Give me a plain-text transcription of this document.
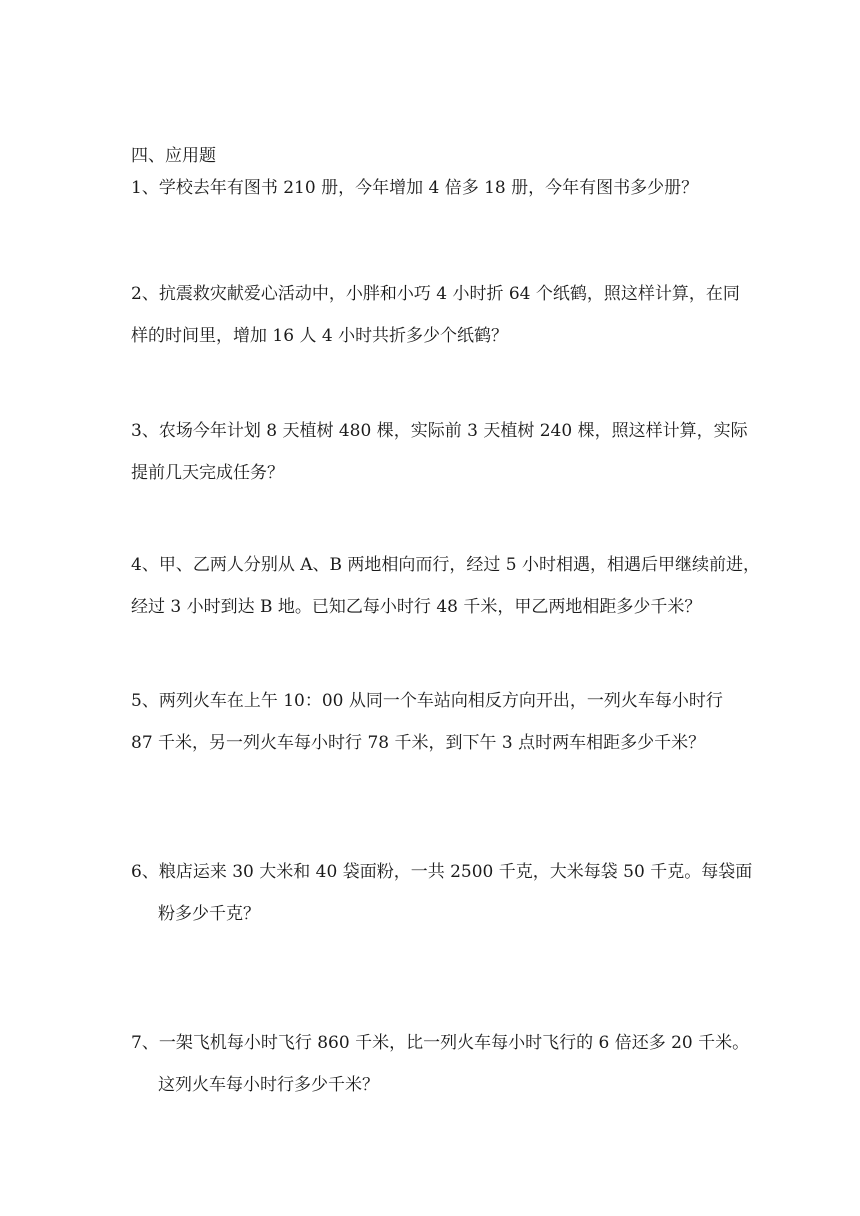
四、应用题
1、学校去年有图书 210 册，今年增加 4 倍多 18 册，今年有图书多少册？
2、抗震救灾献爱心活动中，小胖和小巧 4 小时折 64 个纸鹤，照这样计算，在同
样的时间里，增加 16 人 4 小时共折多少个纸鹤？
3、农场今年计划 8 天植树 480 棵，实际前 3 天植树 240 棵，照这样计算，实际
提前几天完成任务？
4、甲、乙两人分别从 A、B 两地相向而行，经过 5 小时相遇，相遇后甲继续前进，
经过 3 小时到达 B 地。已知乙每小时行 48 千米，甲乙两地相距多少千米？
5、两列火车在上午 10：00 从同一个车站向相反方向开出，一列火车每小时行
87 千米，另一列火车每小时行 78 千米，到下午 3 点时两车相距多少千米？
6、粮店运来 30 大米和 40 袋面粉，一共 2500 千克，大米每袋 50 千克。每袋面
粉多少千克？
7、一架飞机每小时飞行 860 千米，比一列火车每小时飞行的 6 倍还多 20 千米。
这列火车每小时行多少千米？
